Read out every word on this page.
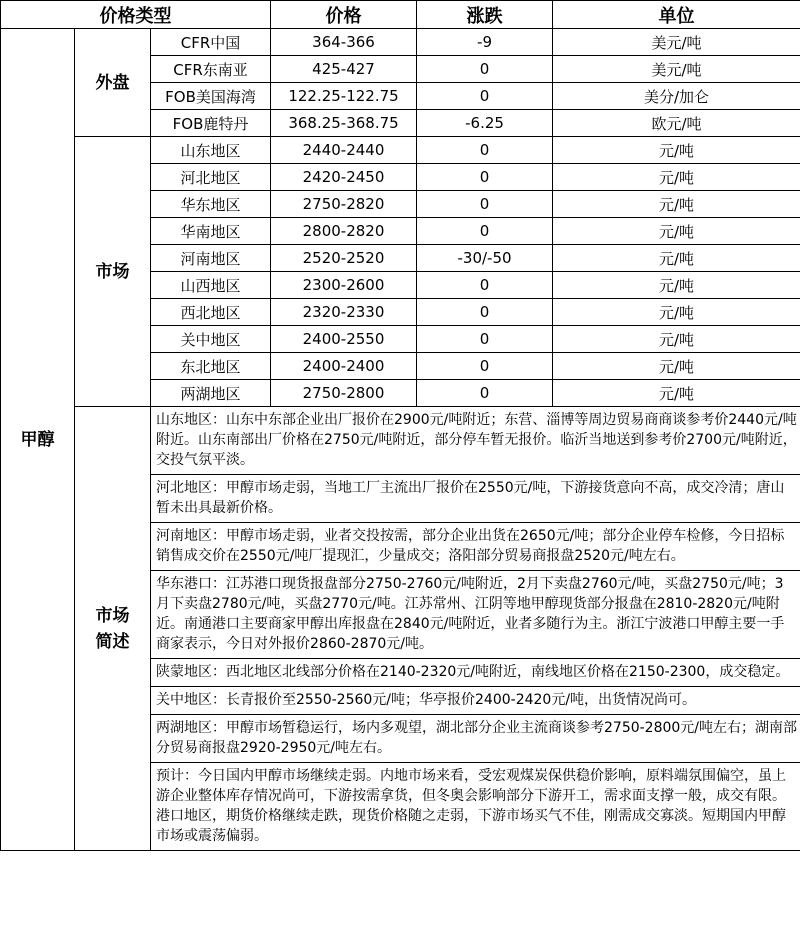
价格类型			价格	涨跌	单位
甲醇	外盘	CFR中国	364-366	-9	美元/吨
		CFR东南亚	425-427	0	美元/吨
		FOB美国海湾	122.25-122.75	0	美分/加仑
		FOB鹿特丹	368.25-368.75	-6.25	欧元/吨
	市场	山东地区	2440-2440	0	元/吨
		河北地区	2420-2450	0	元/吨
		华东地区	2750-2820	0	元/吨
		华南地区	2800-2820	0	元/吨
		河南地区	2520-2520	-30/-50	元/吨
		山西地区	2300-2600	0	元/吨
		西北地区	2320-2330	0	元/吨
		关中地区	2400-2550	0	元/吨
		东北地区	2400-2400	0	元/吨
		两湖地区	2750-2800	0	元/吨
	市场简述	山东地区：山东中东部企业出厂报价在2900元/吨附近；东营、淄博等周边贸易商商谈参考价2440元/吨附近。山东南部出厂价格在2750元/吨附近，部分停车暂无报价。临沂当地送到参考价2700元/吨附近，交投气氛平淡。			
		河北地区：甲醇市场走弱，当地工厂主流出厂报价在2550元/吨，下游接货意向不高，成交冷清；唐山暂未出具最新价格。			
		河南地区：甲醇市场走弱，业者交投按需，部分企业出货在2650元/吨；部分企业停车检修，今日招标销售成交价在2550元/吨厂提现汇，少量成交；洛阳部分贸易商报盘2520元/吨左右。			
		华东港口：江苏港口现货报盘部分2750-2760元/吨附近，2月下卖盘2760元/吨，买盘2750元/吨；3月下卖盘2780元/吨，买盘2770元/吨。江苏常州、江阴等地甲醇现货部分报盘在2810-2820元/吨附近。南通港口主要商家甲醇出库报盘在2840元/吨附近，业者多随行为主。浙江宁波港口甲醇主要一手商家表示，今日对外报价2860-2870元/吨。			
		陕蒙地区：西北地区北线部分价格在2140-2320元/吨附近，南线地区价格在2150-2300，成交稳定。			
		关中地区：长青报价至2550-2560元/吨；华亭报价2400-2420元/吨，出货情况尚可。			
		两湖地区：甲醇市场暂稳运行，场内多观望，湖北部分企业主流商谈参考2750-2800元/吨左右；湖南部分贸易商报盘2920-2950元/吨左右。			
		预计：今日国内甲醇市场继续走弱。内地市场来看，受宏观煤炭保供稳价影响，原料端氛围偏空，虽上游企业整体库存情况尚可，下游按需拿货，但冬奥会影响部分下游开工，需求面支撑一般，成交有限。港口地区，期货价格继续走跌，现货价格随之走弱，下游市场买气不佳，刚需成交寡淡。短期国内甲醇市场或震荡偏弱。			
